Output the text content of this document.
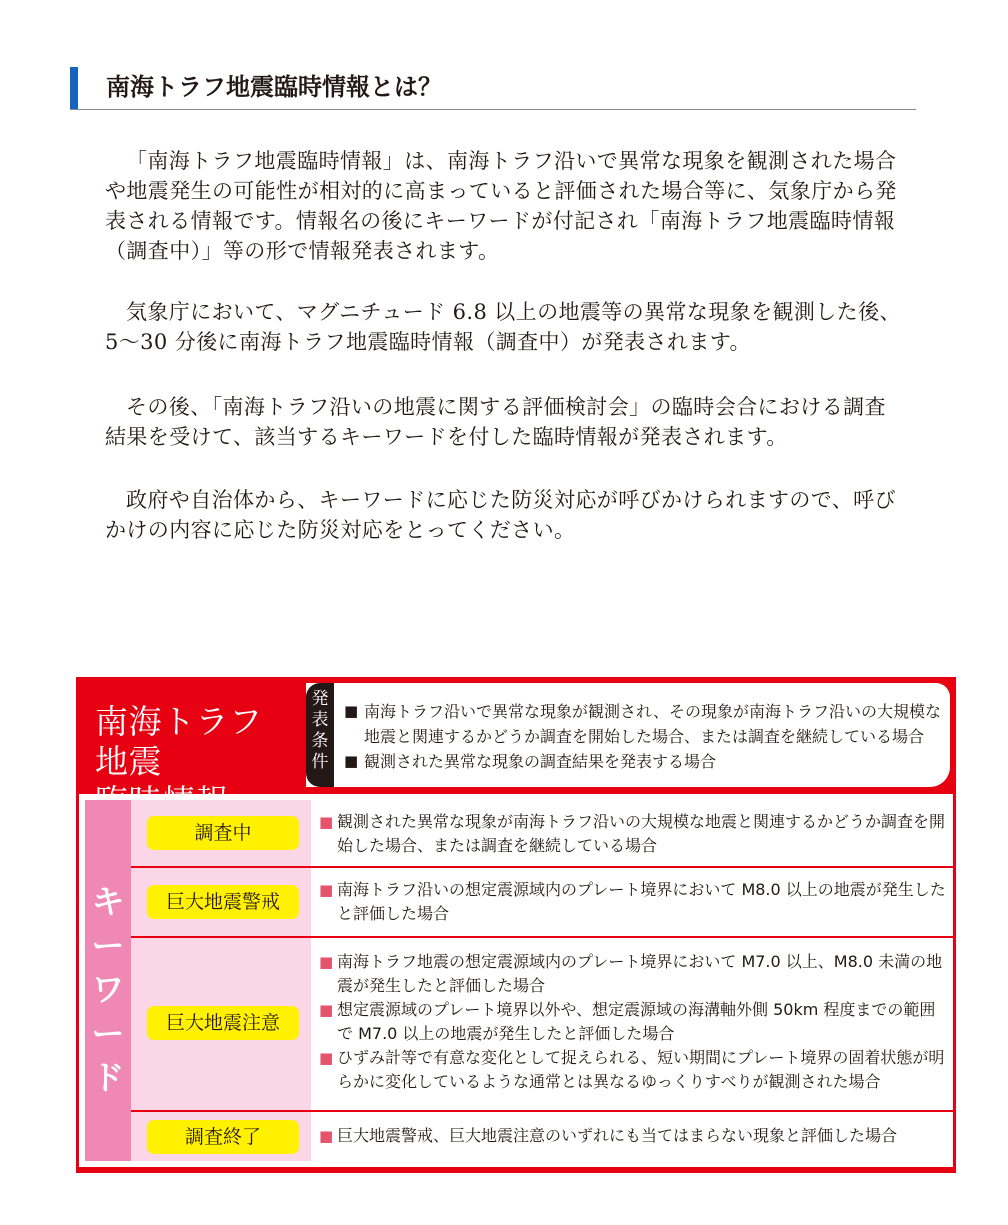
南海トラフ地震臨時情報とは？

「南海トラフ地震臨時情報」は、南海トラフ沿いで異常な現象を観測された場合や地震発生の可能性が相対的に高まっていると評価された場合等に、気象庁から発表される情報です。情報名の後にキーワードが付記され「南海トラフ地震臨時情報（調査中）」等の形で情報発表されます。

気象庁において、マグニチュード 6.8 以上の地震等の異常な現象を観測した後、5〜30 分後に南海トラフ地震臨時情報（調査中）が発表されます。

その後、「南海トラフ沿いの地震に関する評価検討会」の臨時会合における調査結果を受けて、該当するキーワードを付した臨時情報が発表されます。

政府や自治体から、キーワードに応じた防災対応が呼びかけられますので、呼びかけの内容に応じた防災対応をとってください。

南海トラフ地震

発
表
条
件
■ 南海トラフ沿いで異常な現象が観測され、その現象が南海トラフ沿いの大規模な地震と関連するかどうか調査を開始した場合、または調査を継続している場合
■ 観測された異常な現象の調査結果を発表する場合
キ
ー
ワ
ー
ド
調査中	■ 観測された異常な現象が南海トラフ沿いの大規模な地震と関連するかどうか調査を開始した場合、または調査を継続している場合
巨大地震警戒
■ 南海トラフ沿いの想定震源域内のプレート境界において M8.0 以上の地震が発生したと評価した場合
巨大地震注意
■ 南海トラフ地震の想定震源域内のプレート境界において M7.0 以上、M8.0 未満の地震が発生したと評価した場合
■ 想定震源域のプレート境界以外や、想定震源域の海溝軸外側 50km 程度までの範囲で M7.0 以上の地震が発生したと評価した場合
■ ひずみ計等で有意な変化として捉えられる、短い期間にプレート境界の固着状態が明らかに変化しているような通常とは異なるゆっくりすべりが観測された場合
調査終了	■ 巨大地震警戒、巨大地震注意のいずれにも当てはまらない現象と評価した場合
